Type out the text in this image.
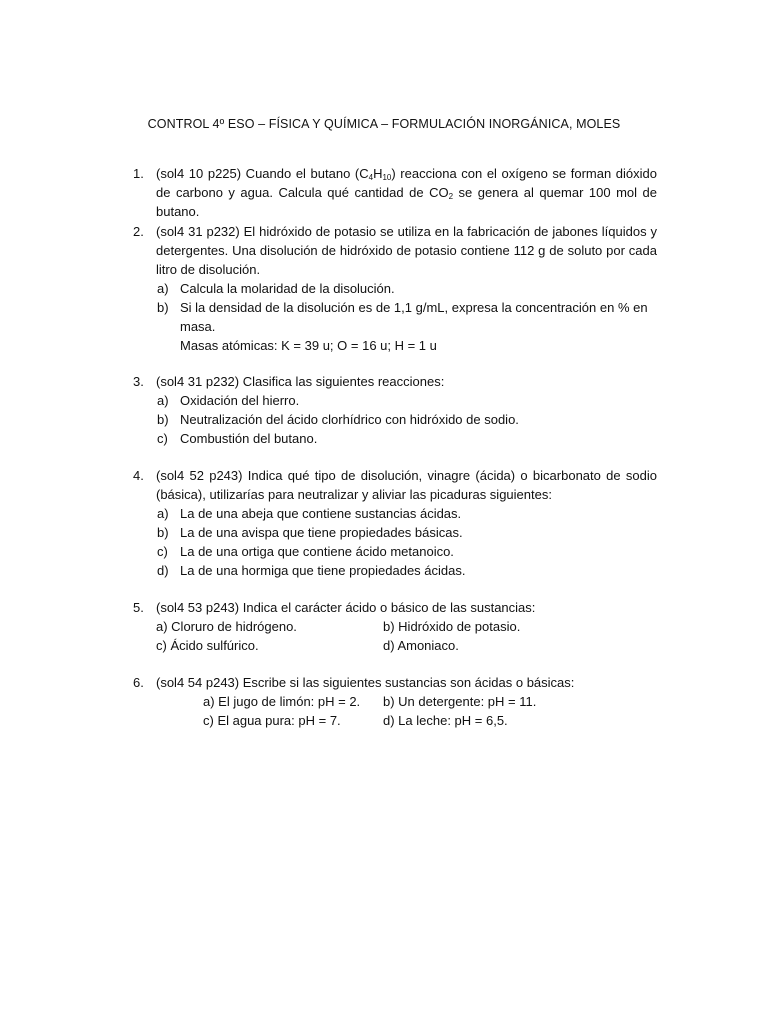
CONTROL 4º ESO – FÍSICA Y QUÍMICA – FORMULACIÓN INORGÁNICA, MOLES
1. (sol4 10 p225) Cuando el butano $(C_4H_{10})$ reacciona con el oxígeno se forman dióxido de carbono y agua. Calcula qué cantidad de $CO_2$ se genera al quemar 100 mol de butano.
2. (sol4 31 p232) El hidróxido de potasio se utiliza en la fabricación de jabones líquidos y detergentes. Una disolución de hidróxido de potasio contiene 112 g de soluto por cada litro de disolución.
a) Calcula la molaridad de la disolución.
b) Si la densidad de la disolución es de 1,1 g/mL, expresa la concentración en % en masa.
Masas atómicas: K = 39 u; O = 16 u; H = 1 u
3. (sol4 31 p232) Clasifica las siguientes reacciones:
a) Oxidación del hierro.
b) Neutralización del ácido clorhídrico con hidróxido de sodio.
c) Combustión del butano.
4. (sol4 52 p243) Indica qué tipo de disolución, vinagre (ácida) o bicarbonato de sodio (básica), utilizarías para neutralizar y aliviar las picaduras siguientes:
a) La de una abeja que contiene sustancias ácidas.
b) La de una avispa que tiene propiedades básicas.
c) La de una ortiga que contiene ácido metanoico.
d) La de una hormiga que tiene propiedades ácidas.
5. (sol4 53 p243) Indica el carácter ácido o básico de las sustancias:
a) Cloruro de hidrógeno.	b) Hidróxido de potasio.
c) Ácido sulfúrico.	d) Amoniaco.
6. (sol4 54 p243) Escribe si las siguientes sustancias son ácidas o básicas:
a) El jugo de limón: pH = 2.	b) Un detergente: pH = 11.
c) El agua pura: pH = 7.	d) La leche: pH = 6,5.
